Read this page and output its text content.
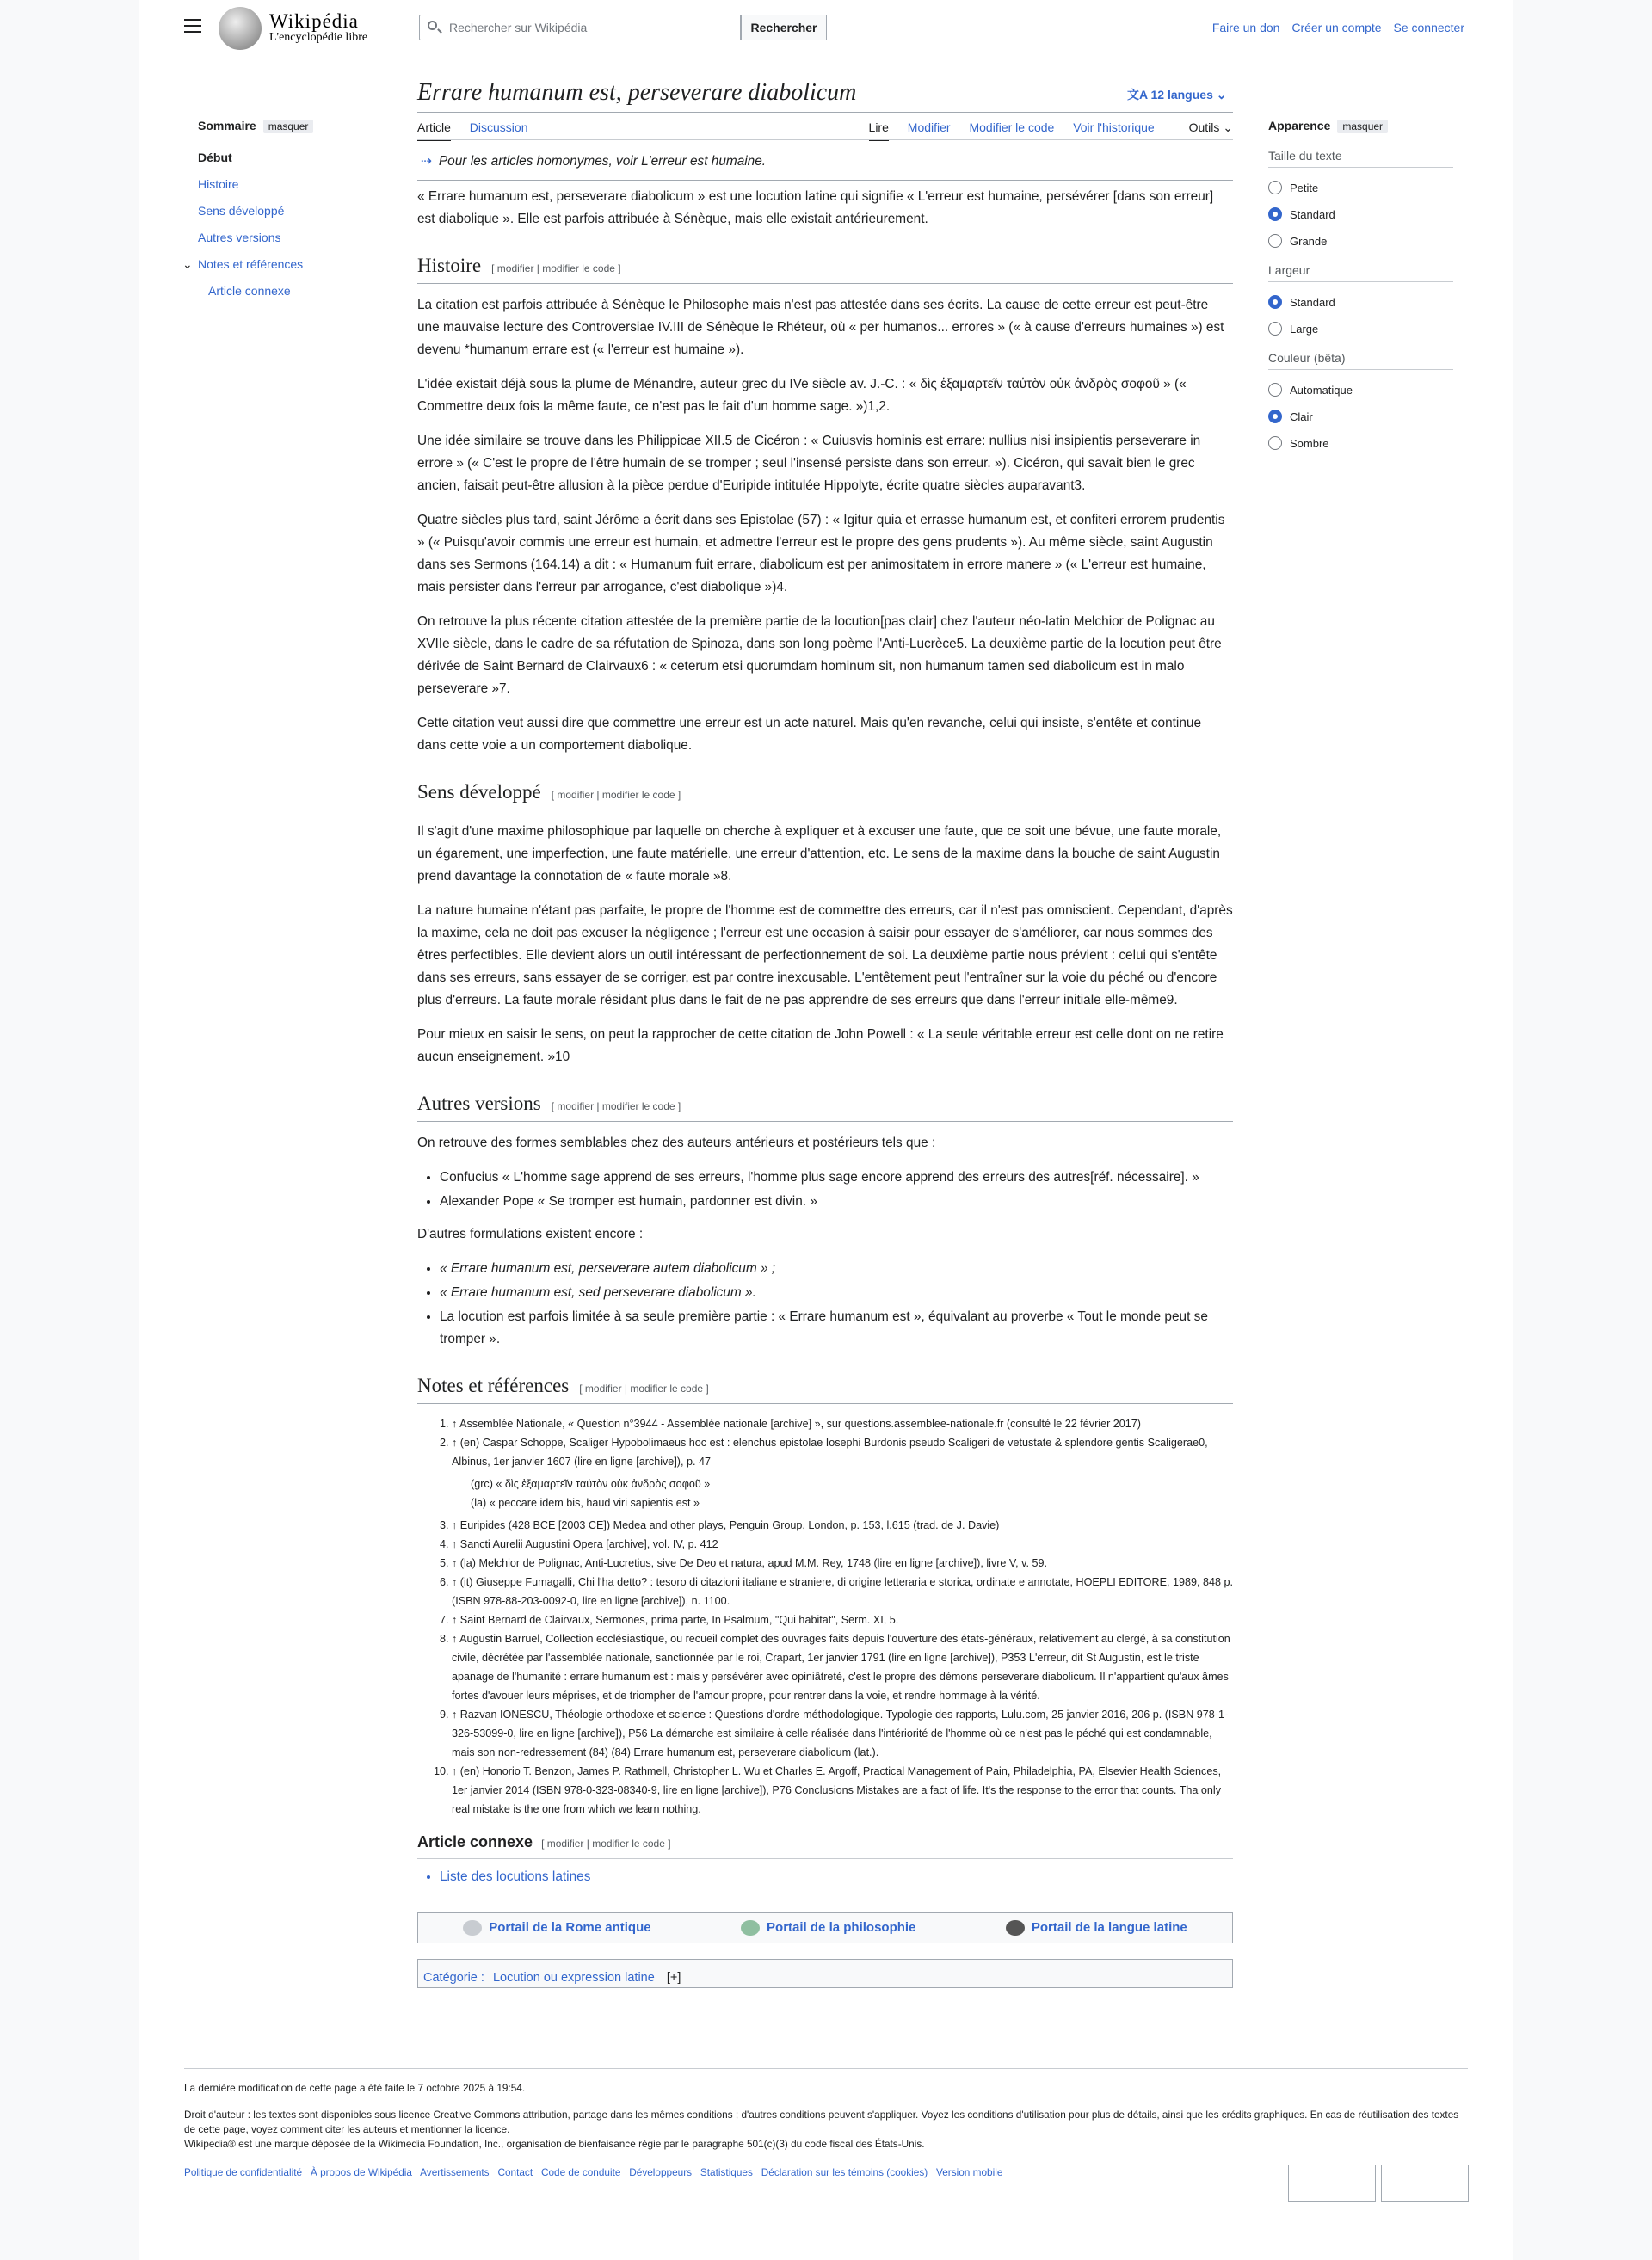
Wikipédia
L'encyclopédie libre
Rechercher sur Wikipédia	Rechercher	Faire un don Créer un compte Se connecter
Errare humanum est, perseverare diabolicum	文A 12 langues ⌄
Article Discussion	Lire Modifier Modifier le code Voir l'historique	Outils ⌄
Sommaire masquer
Début
Histoire
Sens développé
Autres versions
⌄ Notes et références
Article connexe
Apparence masquer
Taille du texte
Petite
Standard
Grande
Largeur
Standard
Large
Couleur (bêta)
Automatique
Clair
Sombre

⇢ Pour les articles homonymes, voir L'erreur est humaine.

« Errare humanum est, perseverare diabolicum » est une locution latine qui signifie « L'erreur est humaine, persévérer [dans son erreur] est diabolique ». Elle est parfois attribuée à Sénèque, mais elle existait antérieurement.

Histoire [ modifier | modifier le code ]

La citation est parfois attribuée à Sénèque le Philosophe mais n'est pas attestée dans ses écrits. La cause de cette erreur est peut-être une mauvaise lecture des Controversiae IV.III de Sénèque le Rhéteur, où « per humanos... errores » (« à cause d'erreurs humaines ») est devenu *humanum errare est (« l'erreur est humaine »).

L'idée existait déjà sous la plume de Ménandre, auteur grec du IVe siècle av. J.-C. : « δὶς ἐξαμαρτεῖν ταὐτὸν οὐκ ἀνδρὸς σοφοῦ » (« Commettre deux fois la même faute, ce n'est pas le fait d'un homme sage. »)1,2.

Une idée similaire se trouve dans les Philippicae XII.5 de Cicéron : « Cuiusvis hominis est errare: nullius nisi insipientis perseverare in errore » (« C'est le propre de l'être humain de se tromper ; seul l'insensé persiste dans son erreur. »). Cicéron, qui savait bien le grec ancien, faisait peut-être allusion à la pièce perdue d'Euripide intitulée Hippolyte, écrite quatre siècles auparavant3.

Quatre siècles plus tard, saint Jérôme a écrit dans ses Epistolae (57) : « Igitur quia et errasse humanum est, et confiteri errorem prudentis » (« Puisqu'avoir commis une erreur est humain, et admettre l'erreur est le propre des gens prudents »). Au même siècle, saint Augustin dans ses Sermons (164.14) a dit : « Humanum fuit errare, diabolicum est per animositatem in errore manere » (« L'erreur est humaine, mais persister dans l'erreur par arrogance, c'est diabolique »)4.

On retrouve la plus récente citation attestée de la première partie de la locution[pas clair] chez l'auteur néo-latin Melchior de Polignac au XVIIe siècle, dans le cadre de sa réfutation de Spinoza, dans son long poème l'Anti-Lucrèce5. La deuxième partie de la locution peut être dérivée de Saint Bernard de Clairvaux6 : « ceterum etsi quorumdam hominum sit, non humanum tamen sed diabolicum est in malo perseverare »7.

Cette citation veut aussi dire que commettre une erreur est un acte naturel. Mais qu'en revanche, celui qui insiste, s'entête et continue dans cette voie a un comportement diabolique.

Sens développé [ modifier | modifier le code ]

Il s'agit d'une maxime philosophique par laquelle on cherche à expliquer et à excuser une faute, que ce soit une bévue, une faute morale, un égarement, une imperfection, une faute matérielle, une erreur d'attention, etc. Le sens de la maxime dans la bouche de saint Augustin prend davantage la connotation de « faute morale »8.

La nature humaine n'étant pas parfaite, le propre de l'homme est de commettre des erreurs, car il n'est pas omniscient. Cependant, d'après la maxime, cela ne doit pas excuser la négligence ; l'erreur est une occasion à saisir pour essayer de s'améliorer, car nous sommes des êtres perfectibles. Elle devient alors un outil intéressant de perfectionnement de soi. La deuxième partie nous prévient : celui qui s'entête dans ses erreurs, sans essayer de se corriger, est par contre inexcusable. L'entêtement peut l'entraîner sur la voie du péché ou d'encore plus d'erreurs. La faute morale résidant plus dans le fait de ne pas apprendre de ses erreurs que dans l'erreur initiale elle-même9.

Pour mieux en saisir le sens, on peut la rapprocher de cette citation de John Powell : « La seule véritable erreur est celle dont on ne retire aucun enseignement. »10

Autres versions [ modifier | modifier le code ]

On retrouve des formes semblables chez des auteurs antérieurs et postérieurs tels que :

• Confucius « L'homme sage apprend de ses erreurs, l'homme plus sage encore apprend des erreurs des autres[réf. nécessaire]. »
• Alexander Pope « Se tromper est humain, pardonner est divin. »

D'autres formulations existent encore :

• « Errare humanum est, perseverare autem diabolicum » ;
• « Errare humanum est, sed perseverare diabolicum ».
• La locution est parfois limitée à sa seule première partie : « Errare humanum est », équivalant au proverbe « Tout le monde peut se tromper ».
Notes et références [ modifier | modifier le code ]
1. ↑ Assemblée Nationale, « Question n°3944 - Assemblée nationale [archive] », sur questions.assemblee-nationale.fr (consulté le 22 février 2017)
2. ↑ (en) Caspar Schoppe, Scaliger Hypobolimaeus hoc est : elenchus epistolae Iosephi Burdonis pseudo Scaligeri de vetustate & splendore gentis Scaligerae0, Albinus, 1er janvier 1607 (lire en ligne [archive]), p. 47
(grc) « δὶς ἐξαμαρτεῖν ταὐτὸν οὐκ ἀνδρὸς σοφοῦ »
(la) « peccare idem bis, haud viri sapientis est »
3. ↑ Euripides (428 BCE [2003 CE]) Medea and other plays, Penguin Group, London, p. 153, l.615 (trad. de J. Davie)
4. ↑ Sancti Aurelii Augustini Opera [archive], vol. IV, p. 412
5. ↑ (la) Melchior de Polignac, Anti-Lucretius, sive De Deo et natura, apud M.M. Rey, 1748 (lire en ligne [archive]), livre V, v. 59.
6. ↑ (it) Giuseppe Fumagalli, Chi l'ha detto? : tesoro di citazioni italiane e straniere, di origine letteraria e storica, ordinate e annotate, HOEPLI EDITORE, 1989, 848 p. (ISBN 978-88-203-0092-0, lire en ligne [archive]), n. 1100.
7. ↑ Saint Bernard de Clairvaux, Sermones, prima parte, In Psalmum, "Qui habitat", Serm. XI, 5.
8. ↑ Augustin Barruel, Collection ecclésiastique, ou recueil complet des ouvrages faits depuis l'ouverture des états-généraux, relativement au clergé, à sa constitution civile, décrétée par l'assemblée nationale, sanctionnée par le roi, Crapart, 1er janvier 1791 (lire en ligne [archive]), P353 L'erreur, dit St Augustin, est le triste apanage de l'humanité : errare humanum est : mais y persévérer avec opiniâtreté, c'est le propre des démons perseverare diabolicum. Il n'appartient qu'aux âmes fortes d'avouer leurs méprises, et de triompher de l'amour propre, pour rentrer dans la voie, et rendre hommage à la vérité.
9. ↑ Razvan IONESCU, Théologie orthodoxe et science : Questions d'ordre méthodologique. Typologie des rapports, Lulu.com, 25 janvier 2016, 206 p. (ISBN 978-1-326-53099-0, lire en ligne [archive]), P56 La démarche est similaire à celle réalisée dans l'intériorité de l'homme où ce n'est pas le péché qui est condamnable, mais son non-redressement (84) (84) Errare humanum est, perseverare diabolicum (lat.).
10. ↑ (en) Honorio T. Benzon, James P. Rathmell, Christopher L. Wu et Charles E. Argoff, Practical Management of Pain, Philadelphia, PA, Elsevier Health Sciences, 1er janvier 2014 (ISBN 978-0-323-08340-9, lire en ligne [archive]), P76 Conclusions Mistakes are a fact of life. It's the response to the error that counts. Tha only real mistake is the one from which we learn nothing.
Article connexe [ modifier | modifier le code ]
• Liste des locutions latines
Portail de la Rome antique	Portail de la philosophie	Portail de la langue latine
Catégorie : Locution ou expression latine [+]
La dernière modification de cette page a été faite le 7 octobre 2025 à 19:54.
Droit d'auteur : les textes sont disponibles sous licence Creative Commons attribution, partage dans les mêmes conditions ; d'autres conditions peuvent s'appliquer. Voyez les conditions d'utilisation pour plus de détails, ainsi que les crédits graphiques. En cas de réutilisation des textes de cette page, voyez comment citer les auteurs et mentionner la licence.
Wikipedia® est une marque déposée de la Wikimedia Foundation, Inc., organisation de bienfaisance régie par le paragraphe 501(c)(3) du code fiscal des États-Unis.
Politique de confidentialité À propos de Wikipédia Avertissements Contact Code de conduite Développeurs Statistiques Déclaration sur les témoins (cookies) Version mobile
